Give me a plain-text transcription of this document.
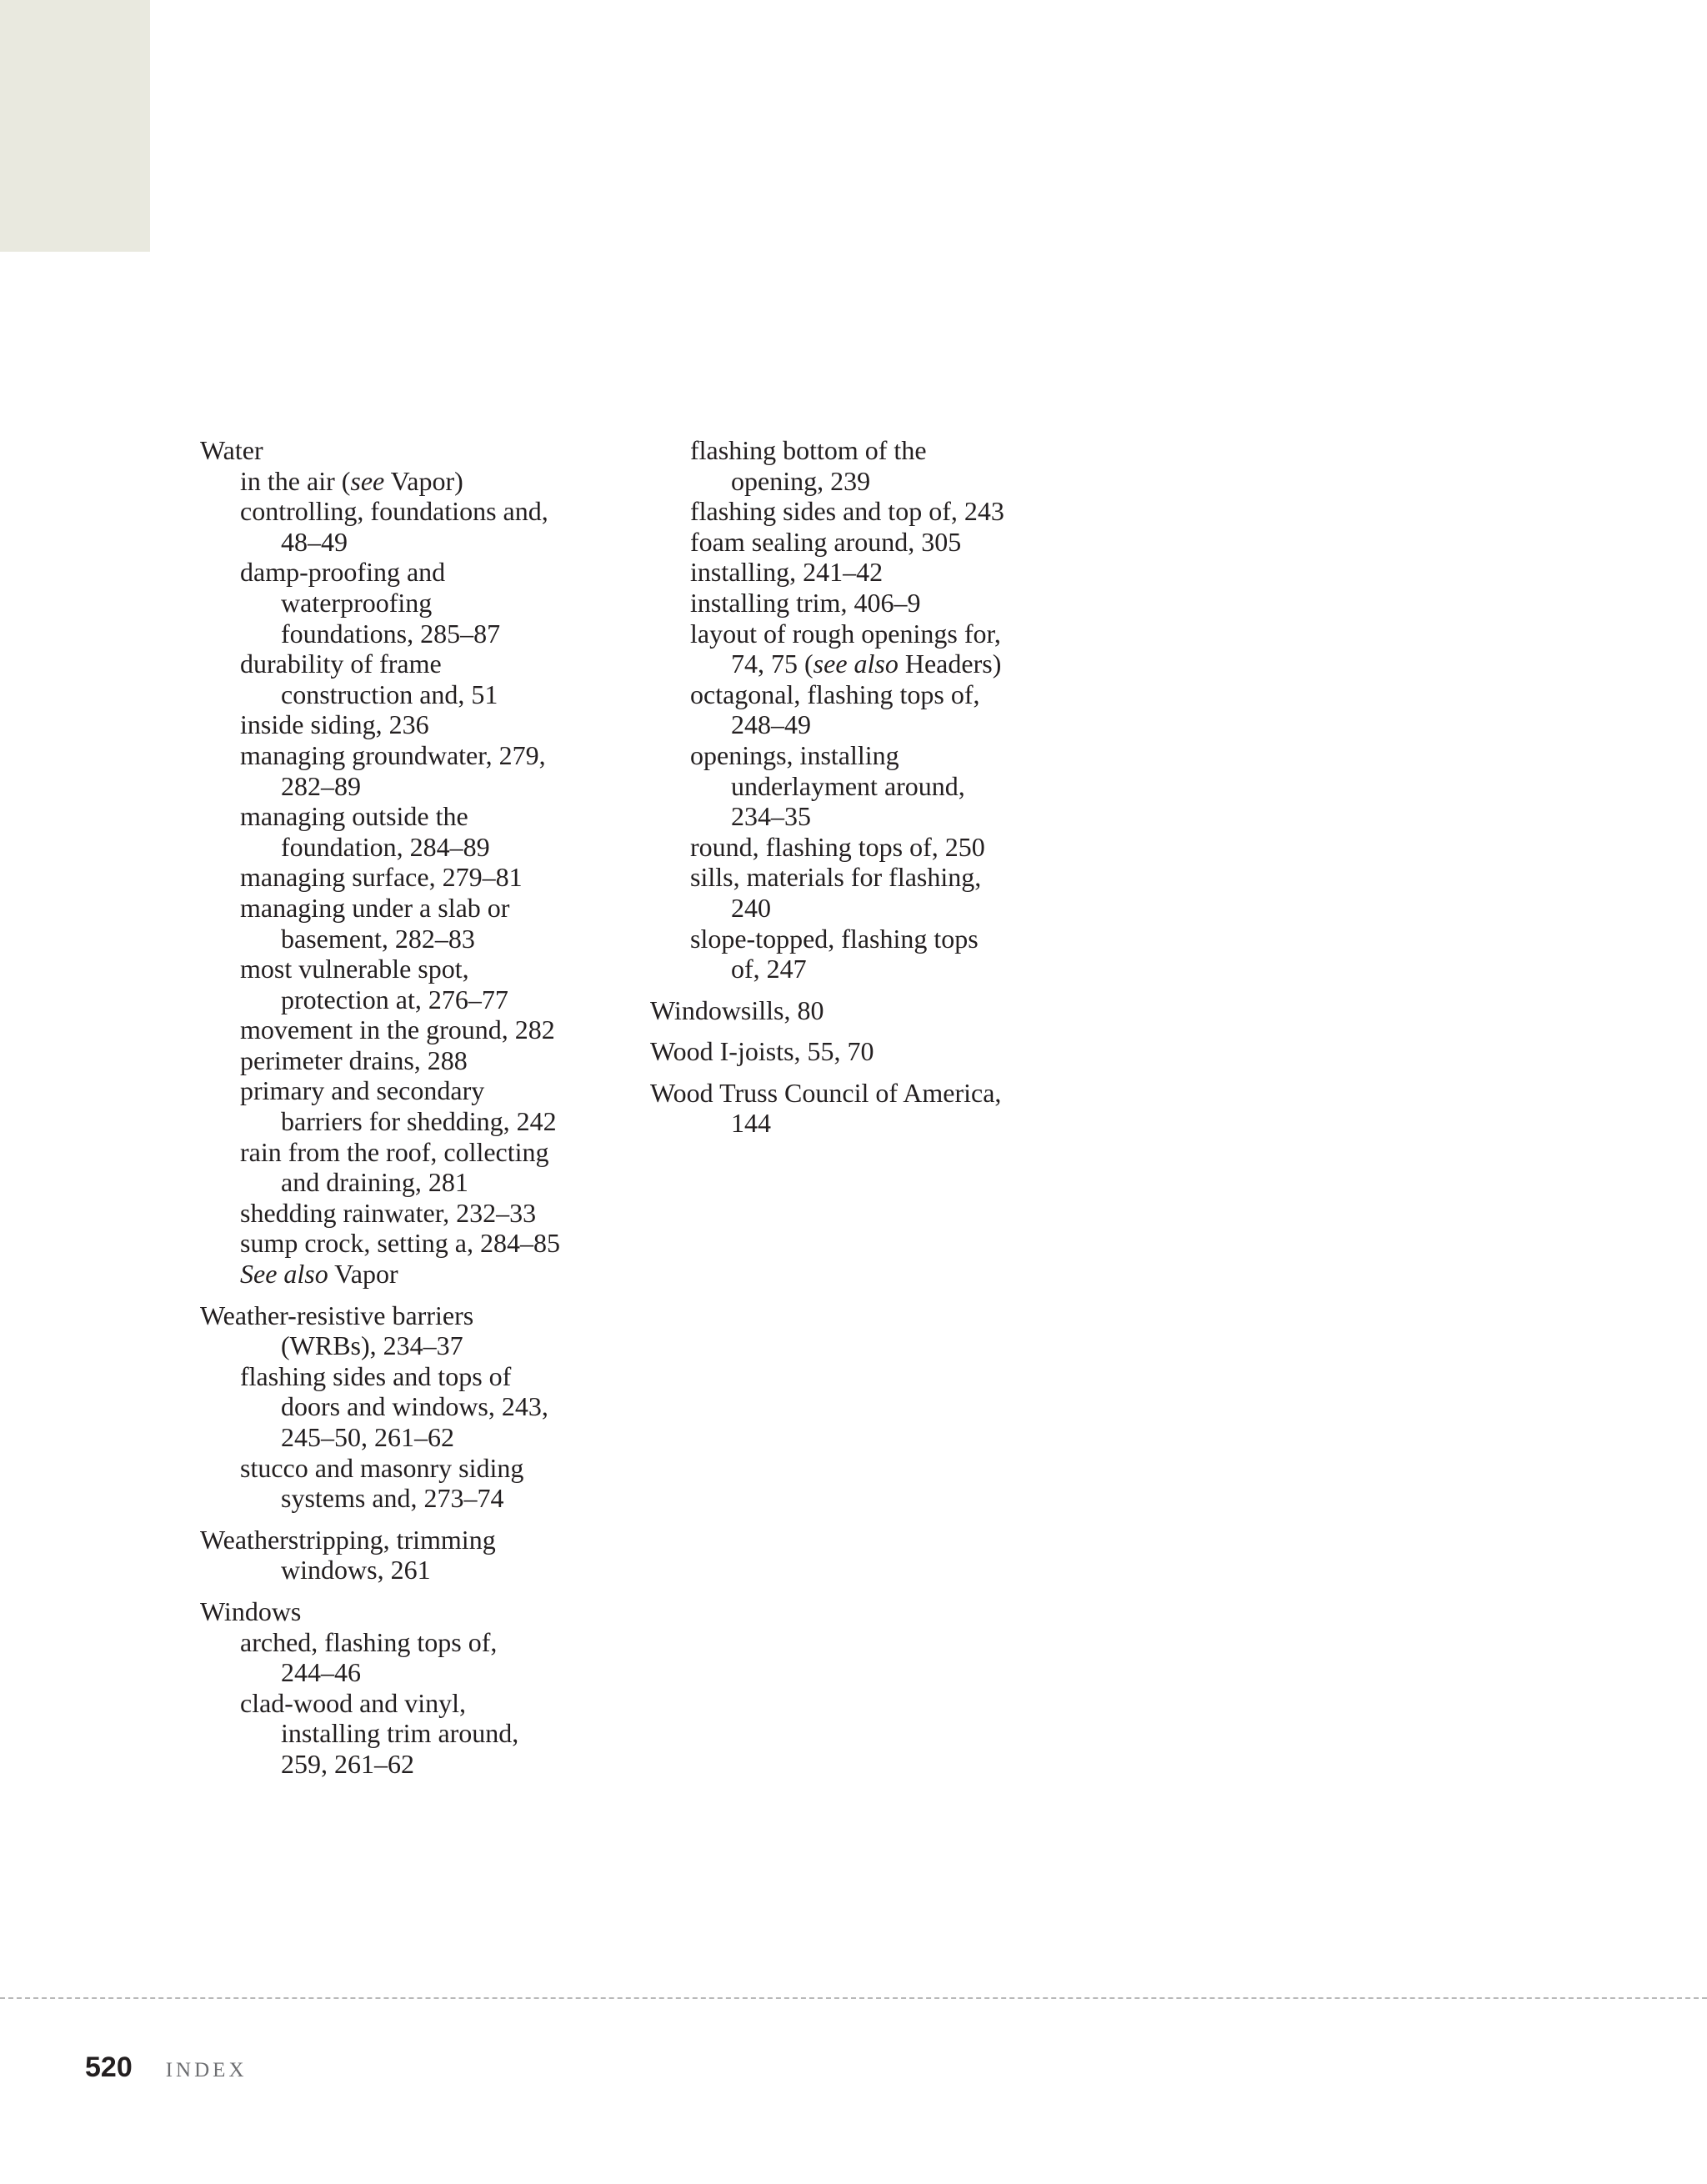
Water
in the air (see Vapor)
controlling, foundations and,
48–49
damp-proofing and
waterproofing
foundations, 285–87
durability of frame
construction and, 51
inside siding, 236
managing groundwater, 279,
282–89
managing outside the
foundation, 284–89
managing surface, 279–81
managing under a slab or
basement, 282–83
most vulnerable spot,
protection at, 276–77
movement in the ground, 282
perimeter drains, 288
primary and secondary
barriers for shedding, 242
rain from the roof, collecting
and draining, 281
shedding rainwater, 232–33
sump crock, setting a, 284–85
See also Vapor
Weather-resistive barriers
(WRBs), 234–37
flashing sides and tops of
doors and windows, 243,
245–50, 261–62
stucco and masonry siding
systems and, 273–74
Weatherstripping, trimming
windows, 261
Windows
arched, flashing tops of,
244–46
clad-wood and vinyl,
installing trim around,
259, 261–62
flashing bottom of the
opening, 239
flashing sides and top of, 243
foam sealing around, 305
installing, 241–42
installing trim, 406–9
layout of rough openings for,
74, 75 (see also Headers)
octagonal, flashing tops of,
248–49
openings, installing
underlayment around,
234–35
round, flashing tops of, 250
sills, materials for flashing,
240
slope-topped, flashing tops
of, 247
Windowsills, 80
Wood I-joists, 55, 70
Wood Truss Council of America,
144
520 INDEX
